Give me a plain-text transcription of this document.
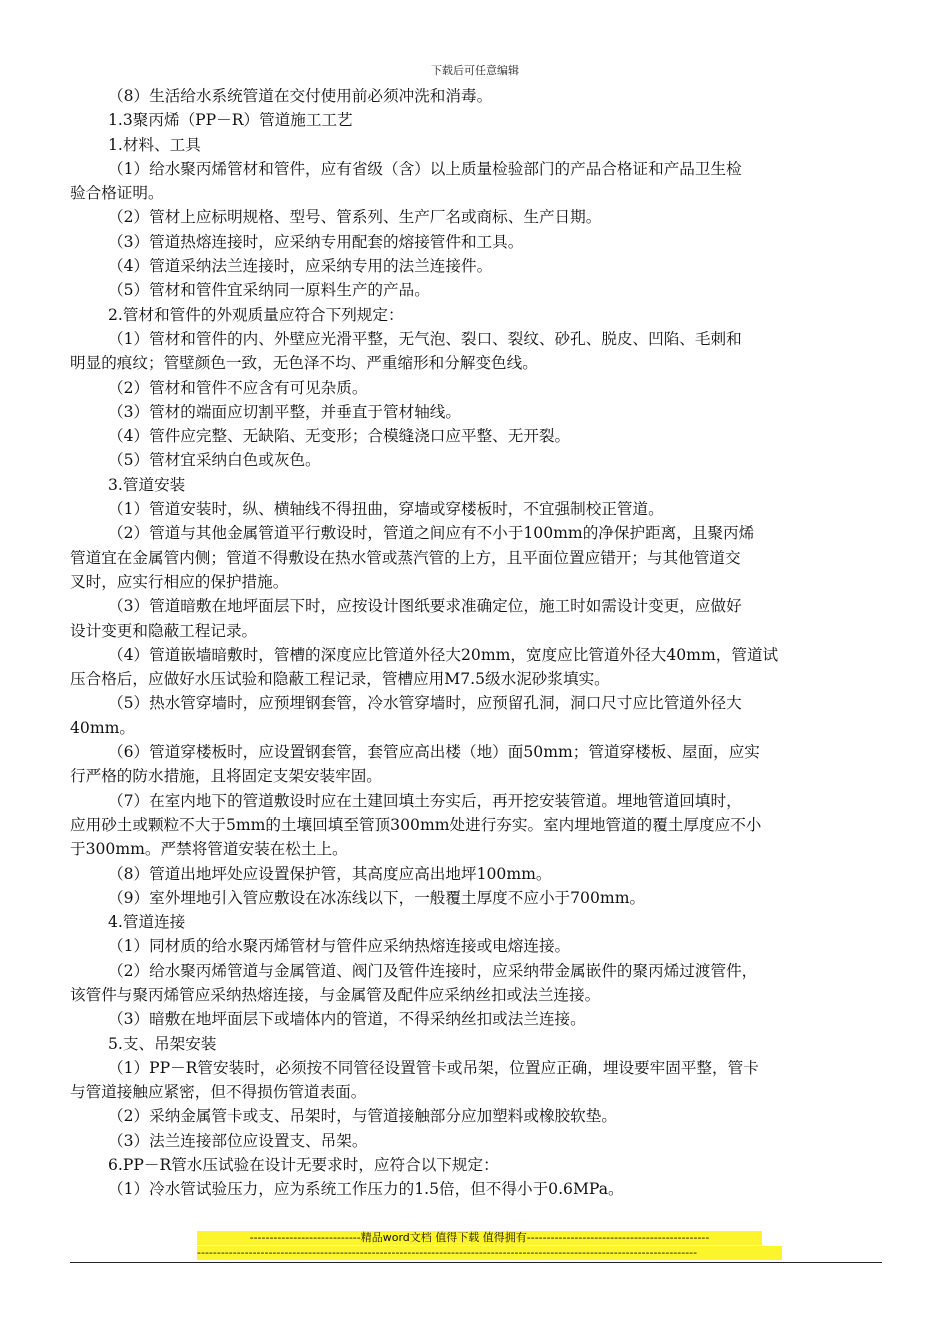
下载后可任意编辑
（8）生活给水系统管道在交付使用前必须冲洗和消毒。
1.3聚丙烯（PP－R）管道施工工艺
1.材料、工具
（1）给水聚丙烯管材和管件，应有省级（含）以上质量检验部门的产品合格证和产品卫生检
验合格证明。
（2）管材上应标明规格、型号、管系列、生产厂名或商标、生产日期。
（3）管道热熔连接时，应采纳专用配套的熔接管件和工具。
（4）管道采纳法兰连接时，应采纳专用的法兰连接件。
（5）管材和管件宜采纳同一原料生产的产品。
2.管材和管件的外观质量应符合下列规定：
（1）管材和管件的内、外壁应光滑平整，无气泡、裂口、裂纹、砂孔、脱皮、凹陷、毛刺和
明显的痕纹；管壁颜色一致，无色泽不均、严重缩形和分解变色线。
（2）管材和管件不应含有可见杂质。
（3）管材的端面应切割平整，并垂直于管材轴线。
（4）管件应完整、无缺陷、无变形；合模缝浇口应平整、无开裂。
（5）管材宜采纳白色或灰色。
3.管道安装
（1）管道安装时，纵、横轴线不得扭曲，穿墙或穿楼板时，不宜强制校正管道。
（2）管道与其他金属管道平行敷设时，管道之间应有不小于100mm的净保护距离，且聚丙烯
管道宜在金属管内侧；管道不得敷设在热水管或蒸汽管的上方，且平面位置应错开；与其他管道交
叉时，应实行相应的保护措施。
（3）管道暗敷在地坪面层下时，应按设计图纸要求准确定位，施工时如需设计变更，应做好
设计变更和隐蔽工程记录。
（4）管道嵌墙暗敷时，管槽的深度应比管道外径大20mm，宽度应比管道外径大40mm，管道试
压合格后，应做好水压试验和隐蔽工程记录，管槽应用M7.5级水泥砂浆填实。
（5）热水管穿墙时，应预埋钢套管，冷水管穿墙时，应预留孔洞，洞口尺寸应比管道外径大
40mm。
（6）管道穿楼板时，应设置钢套管，套管应高出楼（地）面50mm；管道穿楼板、屋面，应实
行严格的防水措施，且将固定支架安装牢固。
（7）在室内地下的管道敷设时应在土建回填土夯实后，再开挖安装管道。埋地管道回填时，
应用砂土或颗粒不大于5mm的土壤回填至管顶300mm处进行夯实。室内埋地管道的覆土厚度应不小
于300mm。严禁将管道安装在松土上。
（8）管道出地坪处应设置保护管，其高度应高出地坪100mm。
（9）室外埋地引入管应敷设在冰冻线以下，一般覆土厚度不应小于700mm。
4.管道连接
（1）同材质的给水聚丙烯管材与管件应采纳热熔连接或电熔连接。
（2）给水聚丙烯管道与金属管道、阀门及管件连接时，应采纳带金属嵌件的聚丙烯过渡管件，
该管件与聚丙烯管应采纳热熔连接，与金属管及配件应采纳丝扣或法兰连接。
（3）暗敷在地坪面层下或墙体内的管道，不得采纳丝扣或法兰连接。
5.支、吊架安装
（1）PP－R管安装时，必须按不同管径设置管卡或吊架，位置应正确，埋设要牢固平整，管卡
与管道接触应紧密，但不得损伤管道表面。
（2）采纳金属管卡或支、吊架时，与管道接触部分应加塑料或橡胶软垫。
（3）法兰连接部位应设置支、吊架。
6.PP－R管水压试验在设计无要求时，应符合以下规定：
（1）冷水管试验压力，应为系统工作压力的1.5倍，但不得小于0.6MPa。
----------------------------精品word文档 值得下载 值得拥有----------------------------------------------
------------------------------------------------------------------------------------------------------------------------------
